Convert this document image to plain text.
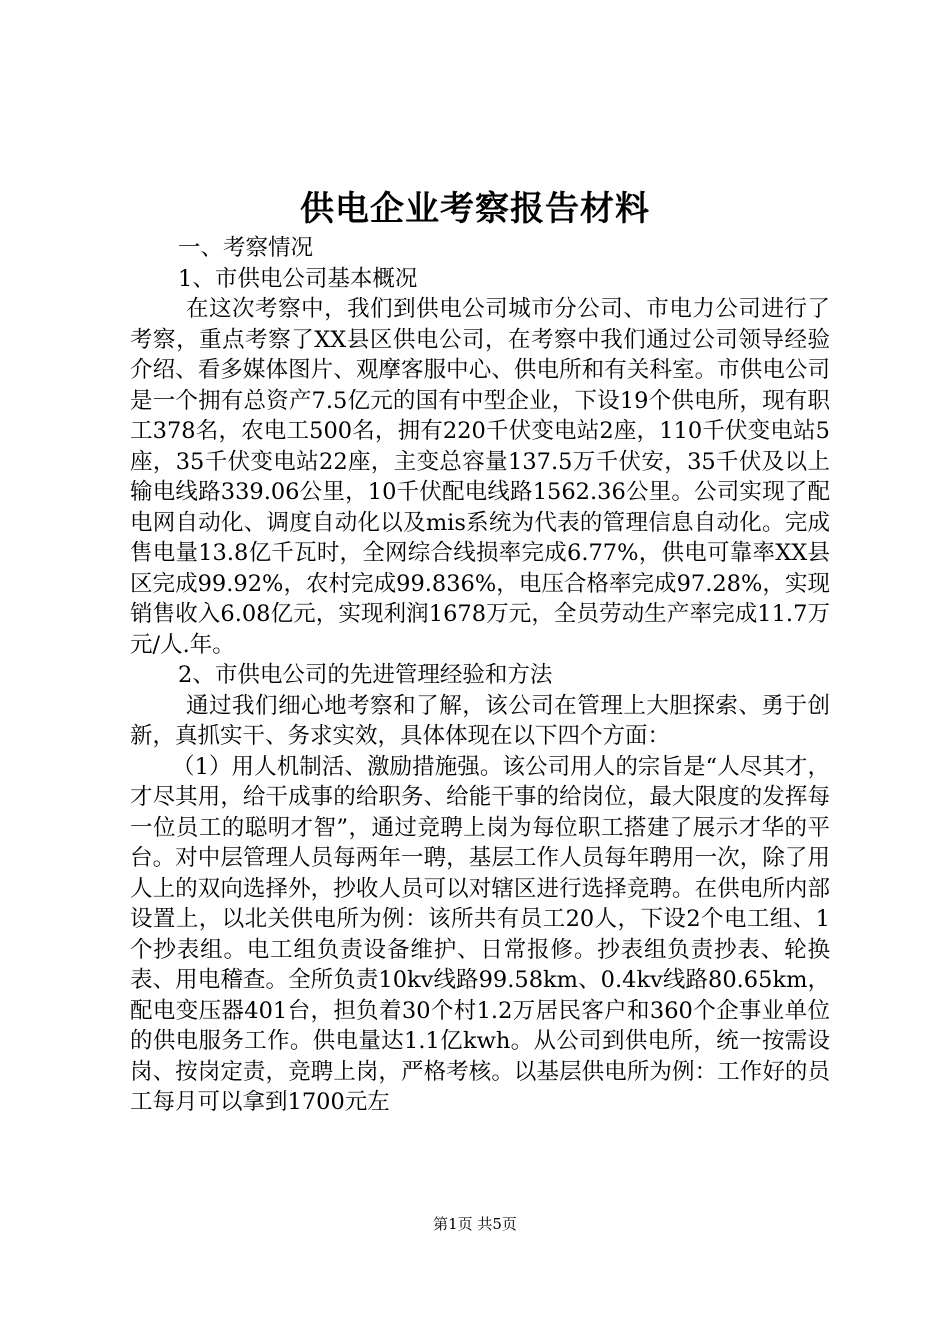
供电企业考察报告材料

一、考察情况

1、市供电公司基本概况

在这次考察中，我们到供电公司城市分公司、市电力公司进行了考察，重点考察了XX县区供电公司，在考察中我们通过公司领导经验介绍、看多媒体图片、观摩客服中心、供电所和有关科室。市供电公司是一个拥有总资产7.5亿元的国有中型企业，下设19个供电所，现有职工378名，农电工500名，拥有220千伏变电站2座，110千伏变电站5座，35千伏变电站22座，主变总容量137.5万千伏安，35千伏及以上输电线路339.06公里，10千伏配电线路1562.36公里。公司实现了配电网自动化、调度自动化以及mis系统为代表的管理信息自动化。完成售电量13.8亿千瓦时，全网综合线损率完成6.77%，供电可靠率XX县区完成99.92%，农村完成99.836%，电压合格率完成97.28%，实现销售收入6.08亿元，实现利润1678万元，全员劳动生产率完成11.7万元/人.年。

2、市供电公司的先进管理经验和方法

通过我们细心地考察和了解，该公司在管理上大胆探索、勇于创新，真抓实干、务求实效，具体体现在以下四个方面：

（1）用人机制活、激励措施强。该公司用人的宗旨是“人尽其才，才尽其用，给干成事的给职务、给能干事的给岗位，最大限度的发挥每一位员工的聪明才智”，通过竞聘上岗为每位职工搭建了展示才华的平台。对中层管理人员每两年一聘，基层工作人员每年聘用一次，除了用人上的双向选择外，抄收人员可以对辖区进行选择竞聘。在供电所内部设置上，以北关供电所为例：该所共有员工20人，下设2个电工组、1个抄表组。电工组负责设备维护、日常报修。抄表组负责抄表、轮换表、用电稽查。全所负责10kv线路99.58km、0.4kv线路80.65km，配电变压器401台，担负着30个村1.2万居民客户和360个企事业单位的供电服务工作。供电量达1.1亿kwh。从公司到供电所，统一按需设岗、按岗定责，竞聘上岗，严格考核。以基层供电所为例：工作好的员工每月可以拿到1700元左

第1页 共5页
